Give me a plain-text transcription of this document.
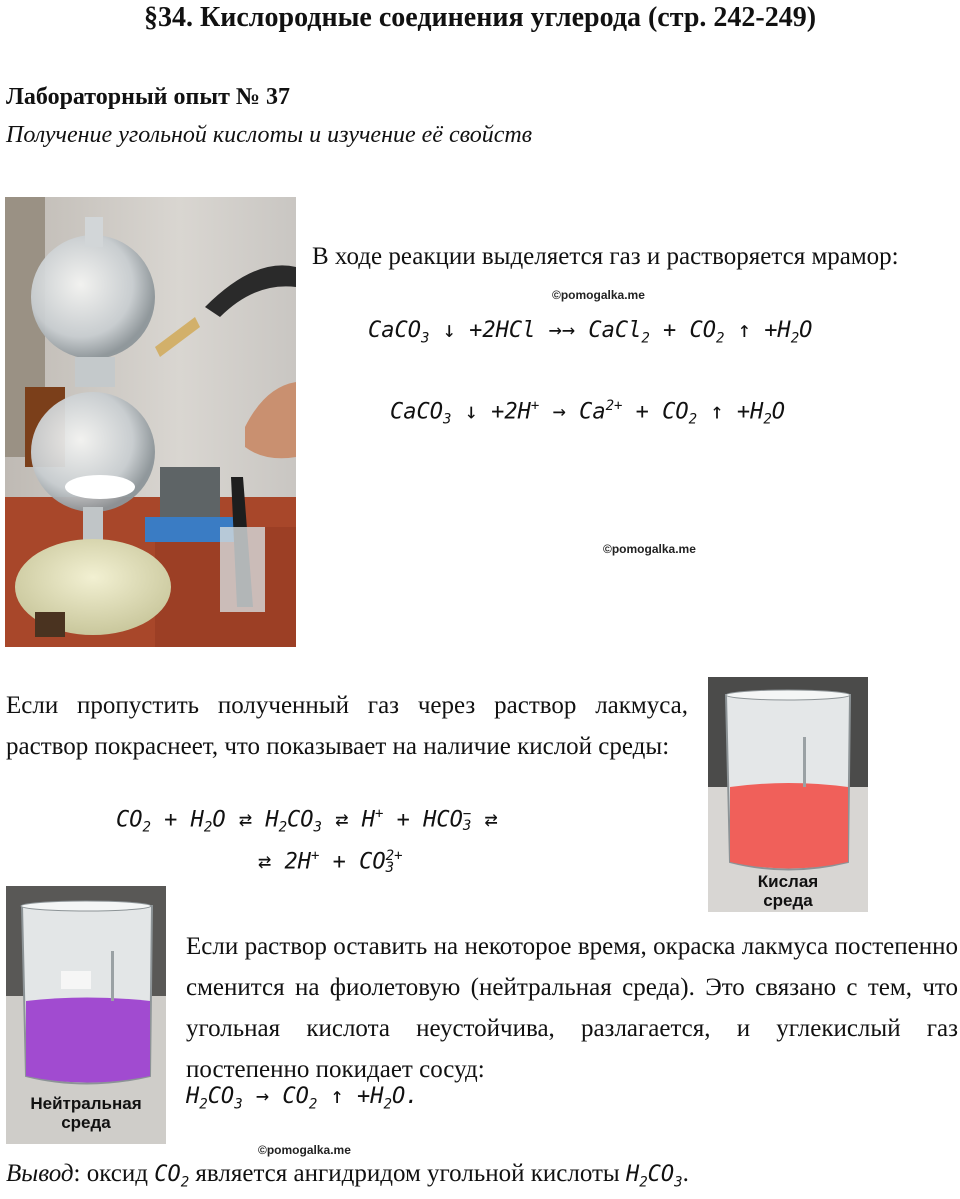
§34. Кислородные соединения углерода (стр. 242-249)
Лабораторный опыт № 37
Получение угольной кислоты и изучение её свойств
В ходе реакции выделяется газ и растворяется мрамор:
©pomogalka.me
CaCO$_3$ ↓ +2HCl →→ CaCl$_2$ + $CO_2$ ↑ $+H_2O$
CaCO$_3$ ↓ $+2H^+ \to Ca^{2+} + CO_2$ ↑ $+H_2O$
©pomogalka.me
Если пропустить полученный газ через раствор лакмуса, раствор покраснеет, что показывает на наличие кислой среды:
Кислая
среда
$CO_2 + H_2O$ ⇄ $H_2CO_3$ ⇄ H+ + HCO −
3 ⇄
⇄ 2H+ + CO 2+
3
Нейтральная
среда
Если раствор оставить на некоторое время, окраска лакмуса постепенно сменится на фиолетовую (нейтральная среда). Это связано с тем, что угольная кислота неустойчива, разлагается, и углекислый газ постепенно покидает сосуд:
$H_2CO_3 \to CO_2$ ↑ $+H_2O$.
©pomogalka.me
Вывод: оксид $CO_2$ является ангидридом угольной кислоты $H_2CO_3$.
